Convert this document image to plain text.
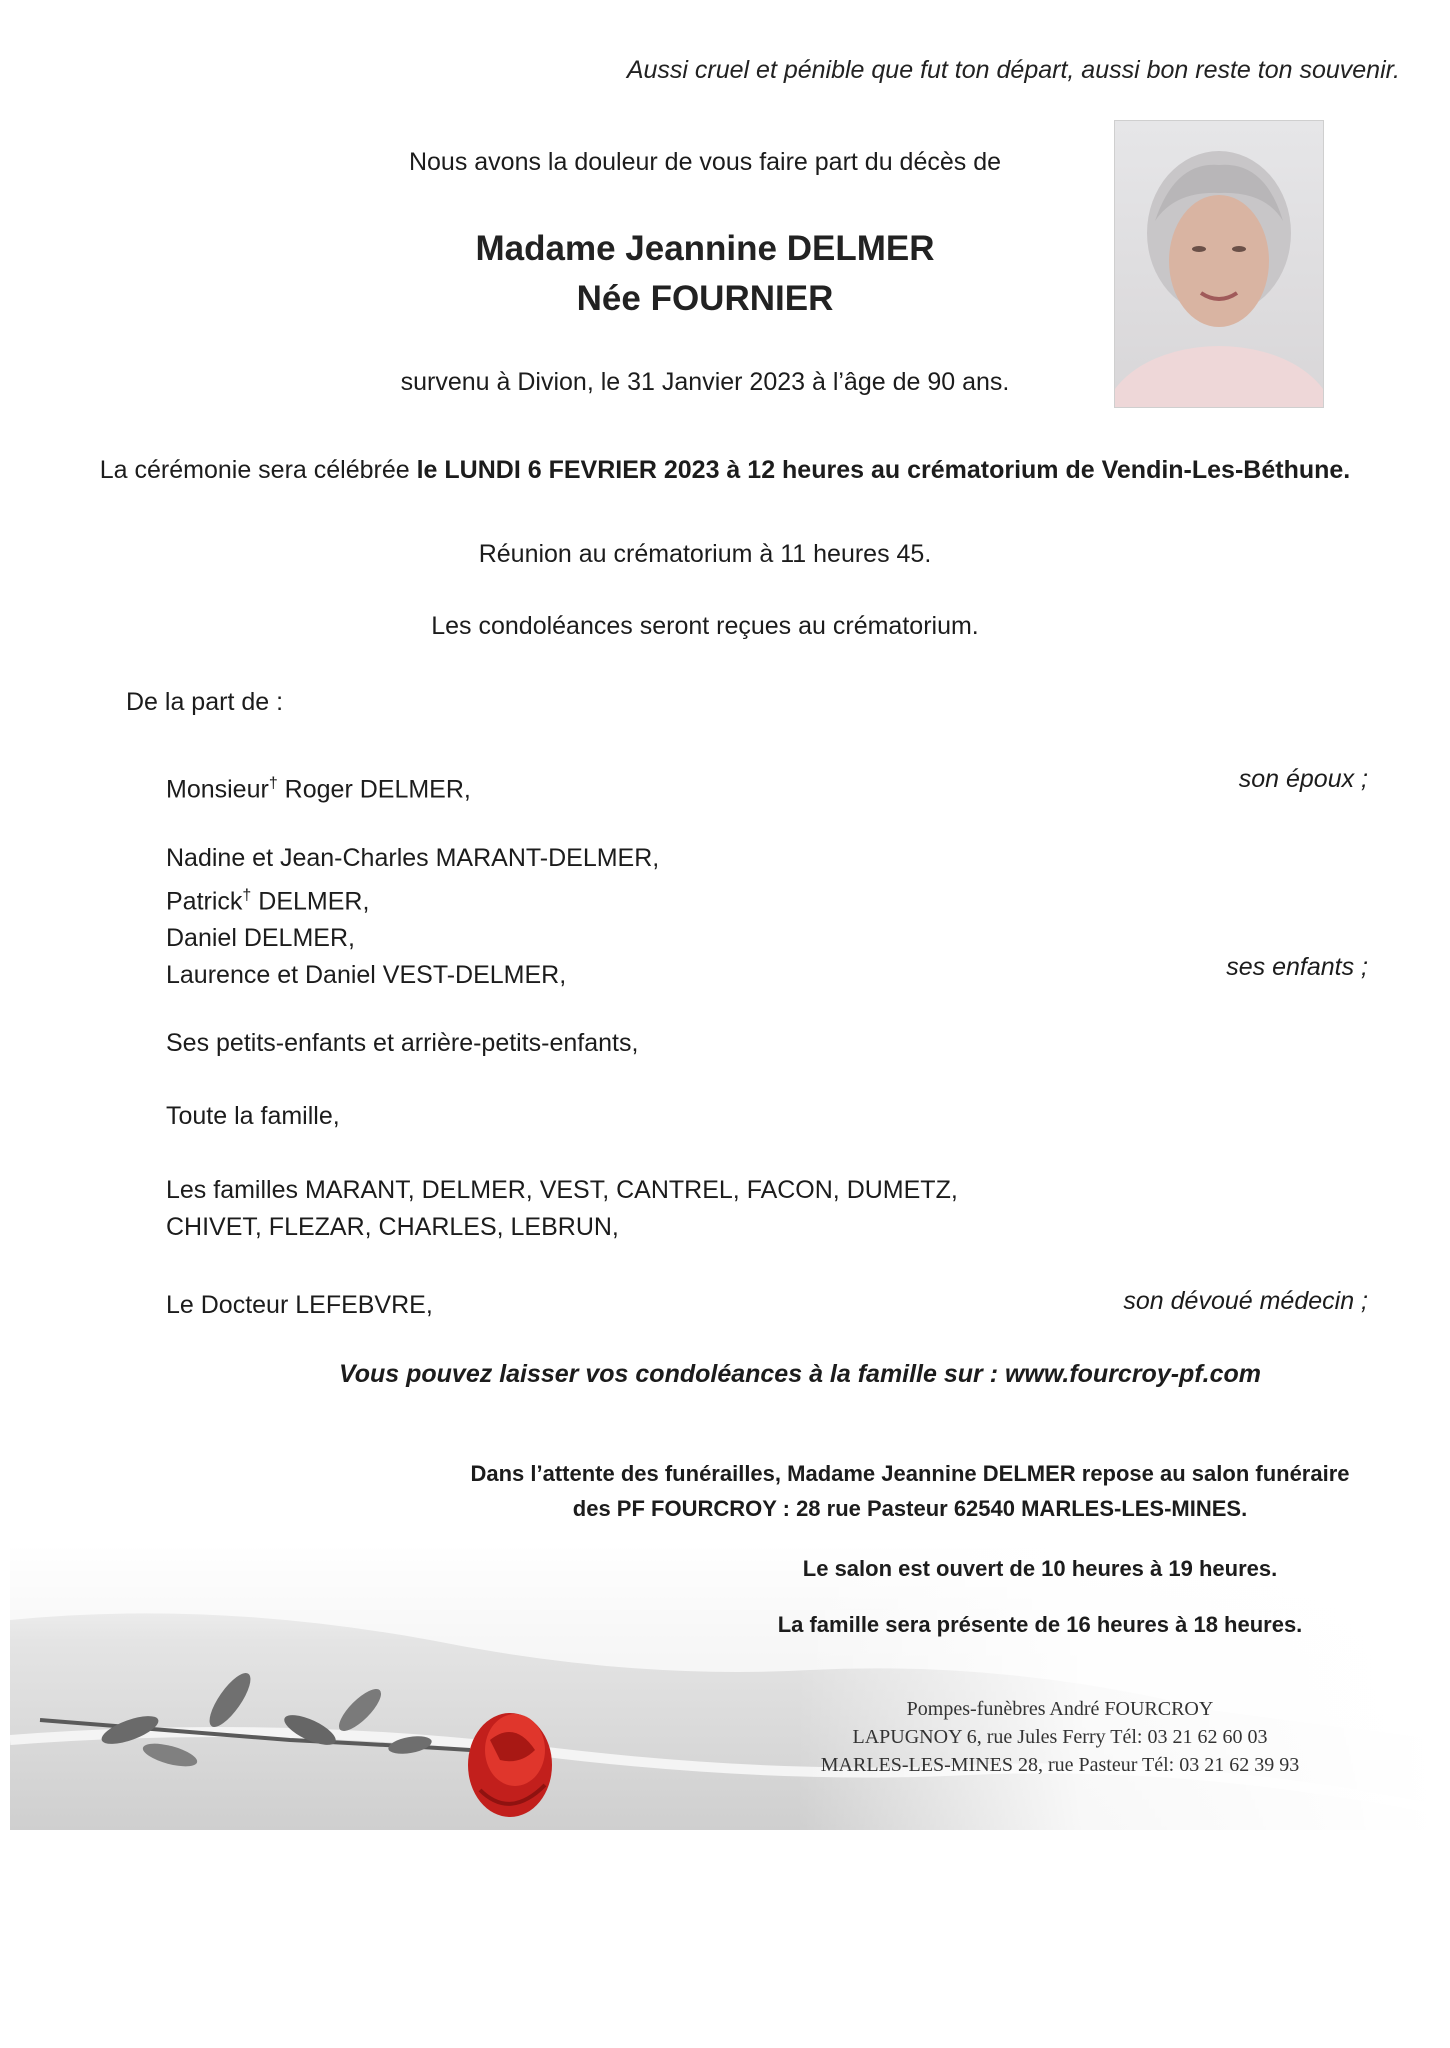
Aussi cruel et pénible que fut ton départ, aussi bon reste ton souvenir.
Nous avons la douleur de vous faire part du décès de
Madame Jeannine DELMER
Née FOURNIER
survenu à Divion, le 31 Janvier 2023 à l’âge de 90 ans.
La cérémonie sera célébrée le LUNDI 6 FEVRIER 2023 à 12 heures au crématorium de Vendin-Les-Béthune.
Réunion au crématorium à 11 heures 45.
Les condoléances seront reçues au crématorium.
De la part de :
Monsieur† Roger DELMER,	son époux ;
Nadine et Jean-Charles MARANT-DELMER,
Patrick† DELMER,
Daniel DELMER,
Laurence et Daniel VEST-DELMER,	ses enfants ;
Ses petits-enfants et arrière-petits-enfants,
Toute la famille,
Les familles MARANT, DELMER, VEST, CANTREL, FACON, DUMETZ,
CHIVET, FLEZAR, CHARLES, LEBRUN,
Le Docteur LEFEBVRE,	son dévoué médecin ;
Vous pouvez laisser vos condoléances à la famille sur : www.fourcroy-pf.com
Dans l’attente des funérailles, Madame Jeannine DELMER repose au salon funéraire
des PF FOURCROY : 28 rue Pasteur 62540 MARLES-LES-MINES.
Le salon est ouvert de 10 heures à 19 heures.
La famille sera présente de 16 heures à 18 heures.
Pompes-funèbres André FOURCROY
LAPUGNOY 6, rue Jules Ferry Tél: 03 21 62 60 03
MARLES-LES-MINES 28, rue Pasteur Tél: 03 21 62 39 93
